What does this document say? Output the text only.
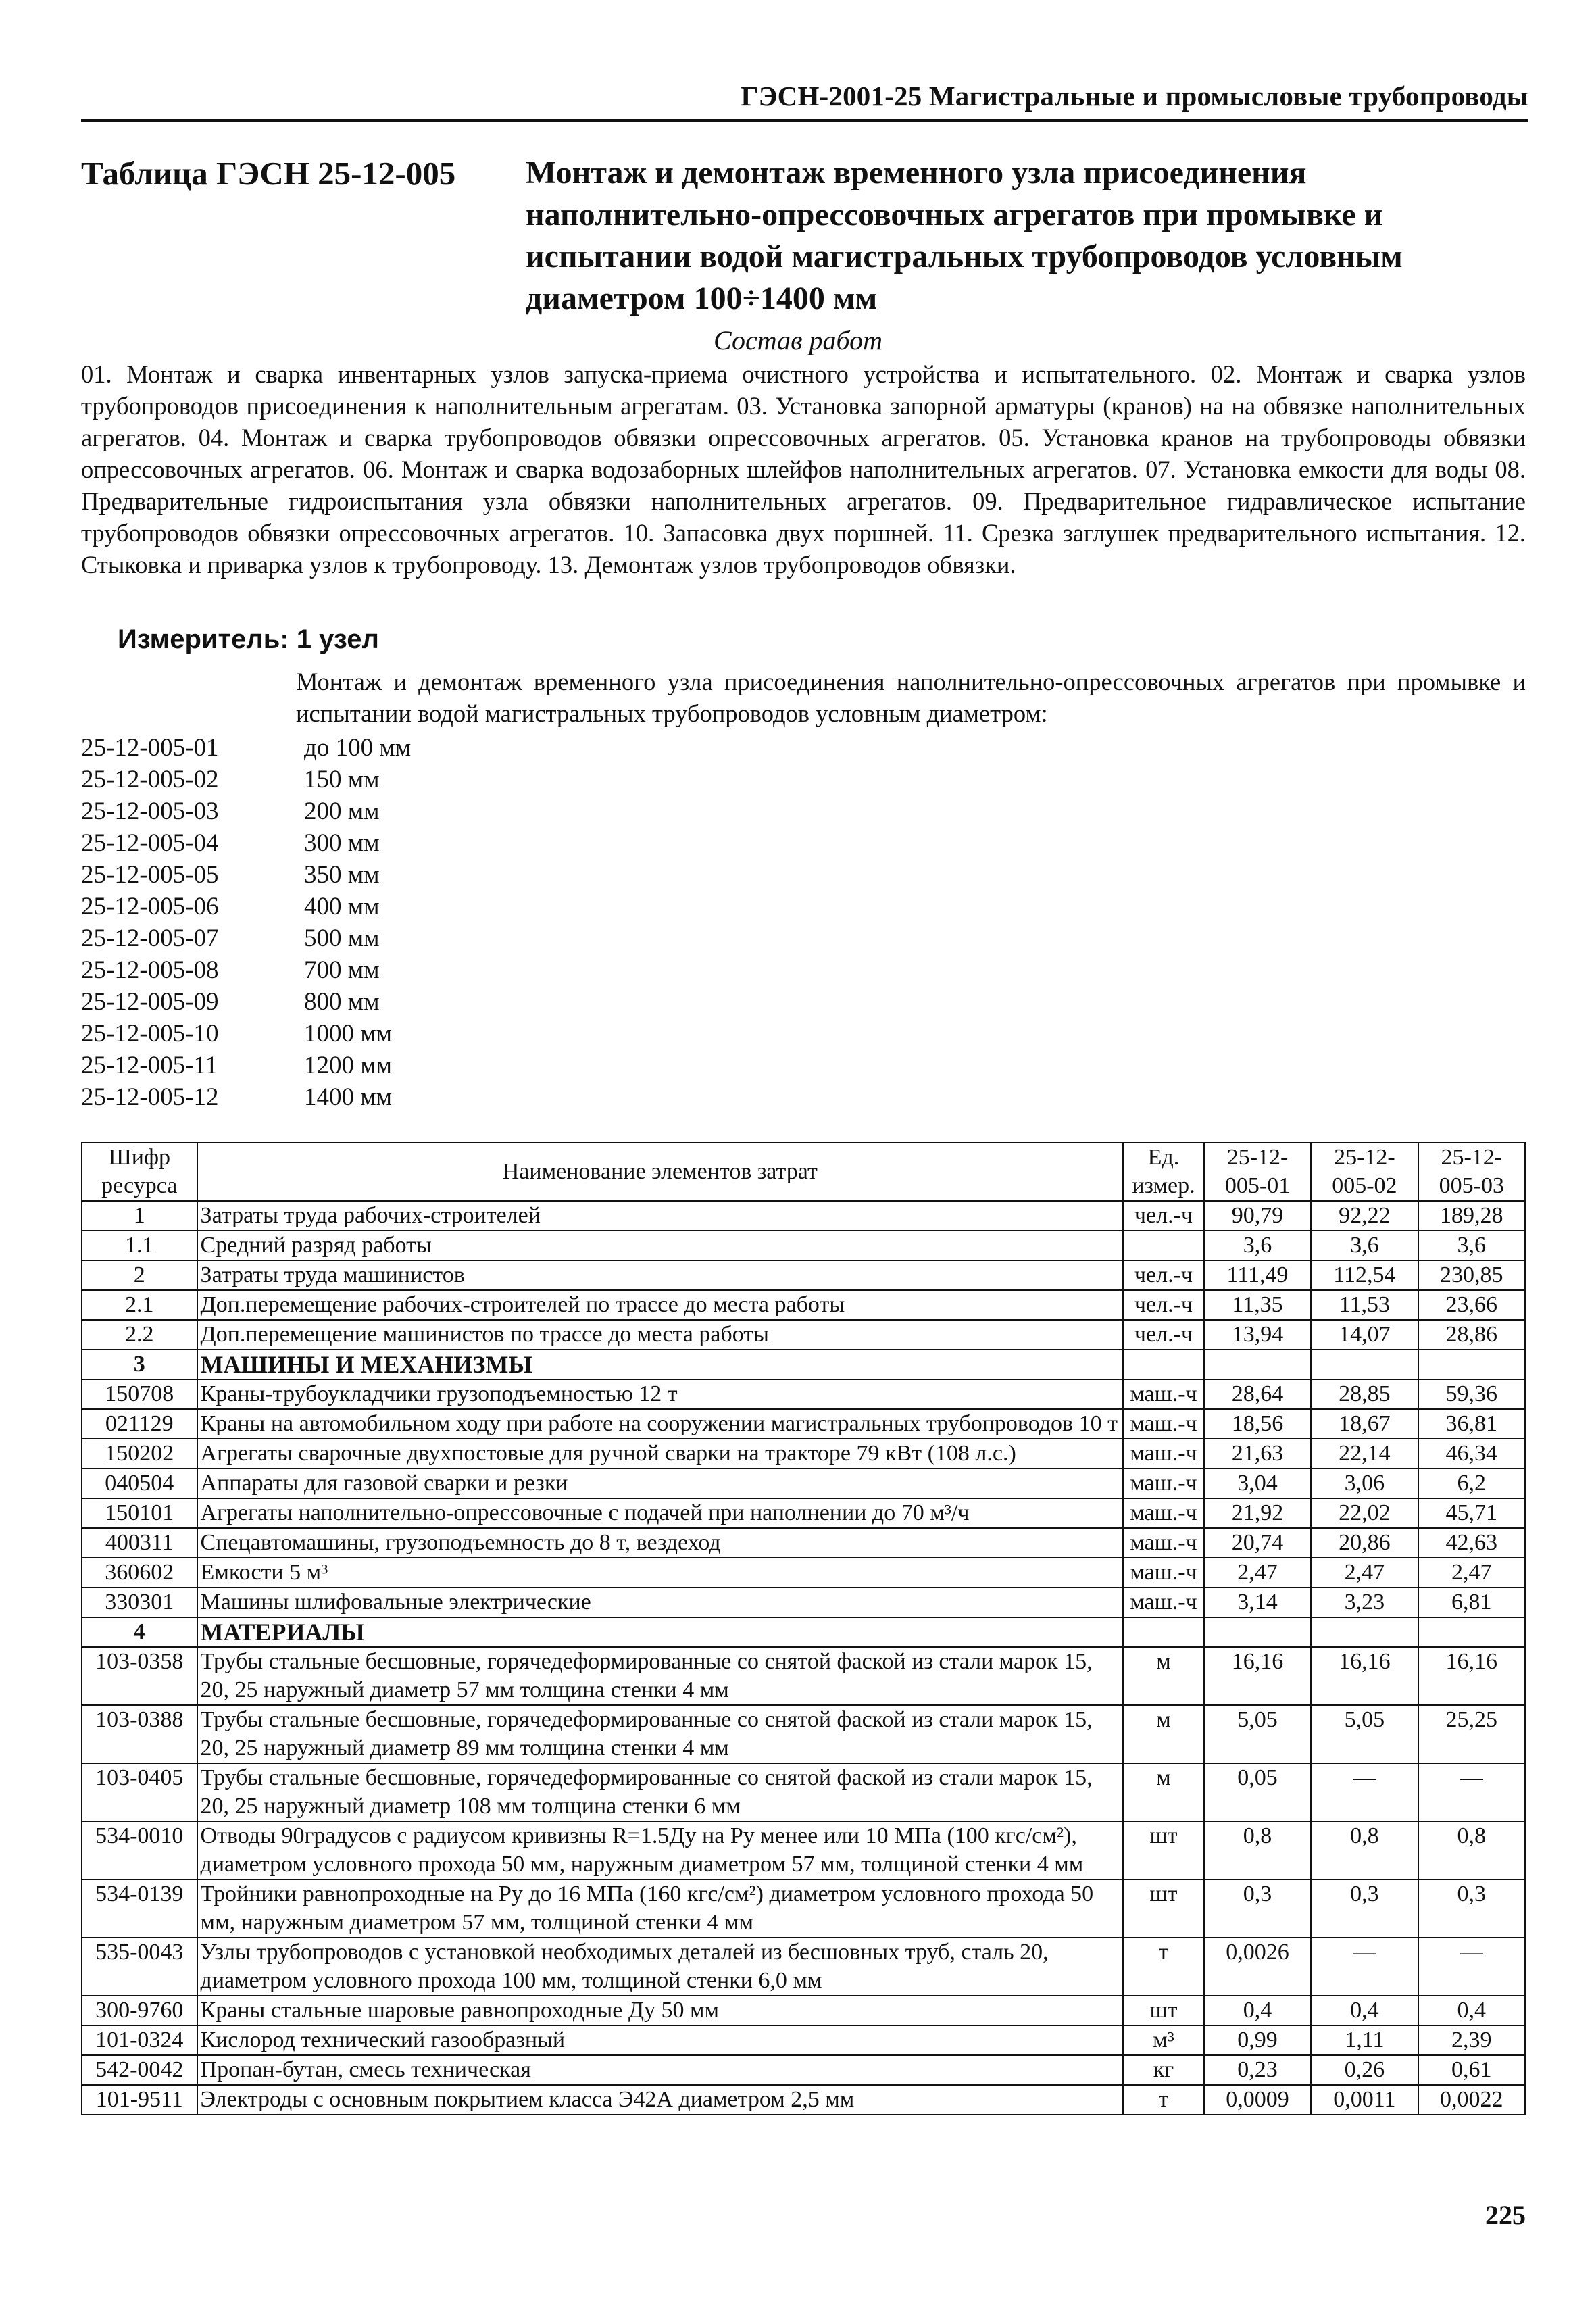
ГЭСН-2001-25 Магистральные и промысловые трубопроводы
Таблица ГЭСН 25-12-005 Монтаж и демонтаж временного узла присоединения наполнительно-опрессовочных агрегатов при промывке и испытании водой магистральных трубопроводов условным диаметром 100÷1400 мм
Состав работ
01. Монтаж и сварка инвентарных узлов запуска-приема очистного устройства и испытательного. 02. Монтаж и сварка узлов трубопроводов присоединения к наполнительным агрегатам. 03. Установка запорной арматуры (кранов) на на обвязке наполнительных агрегатов. 04. Монтаж и сварка трубопроводов обвязки опрессовочных агрегатов. 05. Установка кранов на трубопроводы обвязки опрессовочных агрегатов. 06. Монтаж и сварка водозаборных шлейфов наполнительных агрегатов. 07. Установка емкости для воды 08. Предварительные гидроиспытания узла обвязки наполнительных агрегатов. 09. Предварительное гидравлическое испытание трубопроводов обвязки опрессовочных агрегатов. 10. Запасовка двух поршней. 11. Срезка заглушек предварительного испытания. 12. Стыковка и приварка узлов к трубопроводу. 13. Демонтаж узлов трубопроводов обвязки.
Измеритель: 1 узел
Монтаж и демонтаж временного узла присоединения наполнительно-опрессовочных агрегатов при промывке и испытании водой магистральных трубопроводов условным диаметром:
25-12-005-01	до 100 мм
25-12-005-02	150 мм
25-12-005-03	200 мм
25-12-005-04	300 мм
25-12-005-05	350 мм
25-12-005-06	400 мм
25-12-005-07	500 мм
25-12-005-08	700 мм
25-12-005-09	800 мм
25-12-005-10	1000 мм
25-12-005-11	1200 мм
25-12-005-12	1400 мм
Шифр ресурса	Наименование элементов затрат	Ед. измер.	25-12-005-01	25-12-005-02	25-12-005-03
1	Затраты труда рабочих-строителей	чел.-ч	90,79	92,22	189,28
1.1	Средний разряд работы		3,6	3,6	3,6
2	Затраты труда машинистов	чел.-ч	111,49	112,54	230,85
2.1	Доп.перемещение рабочих-строителей по трассе до места работы	чел.-ч	11,35	11,53	23,66
2.2	Доп.перемещение машинистов по трассе до места работы	чел.-ч	13,94	14,07	28,86
3	МАШИНЫ И МЕХАНИЗМЫ				
150708	Краны-трубоукладчики грузоподъемностью 12 т	маш.-ч	28,64	28,85	59,36
021129	Краны на автомобильном ходу при работе на сооружении магистральных трубопроводов 10 т	маш.-ч	18,56	18,67	36,81
150202	Агрегаты сварочные двухпостовые для ручной сварки на тракторе 79 кВт (108 л.с.)	маш.-ч	21,63	22,14	46,34
040504	Аппараты для газовой сварки и резки	маш.-ч	3,04	3,06	6,2
150101	Агрегаты наполнительно-опрессовочные с подачей при наполнении до 70 м³/ч	маш.-ч	21,92	22,02	45,71
400311	Спецавтомашины, грузоподъемность до 8 т, вездеход	маш.-ч	20,74	20,86	42,63
360602	Емкости 5 м³	маш.-ч	2,47	2,47	2,47
330301	Машины шлифовальные электрические	маш.-ч	3,14	3,23	6,81
4	МАТЕРИАЛЫ				
103-0358	Трубы стальные бесшовные, горячедеформированные со снятой фаской из стали марок 15, 20, 25 наружный диаметр 57 мм толщина стенки 4 мм	м	16,16	16,16	16,16
103-0388	Трубы стальные бесшовные, горячедеформированные со снятой фаской из стали марок 15, 20, 25 наружный диаметр 89 мм толщина стенки 4 мм	м	5,05	5,05	25,25
103-0405	Трубы стальные бесшовные, горячедеформированные со снятой фаской из стали марок 15, 20, 25 наружный диаметр 108 мм толщина стенки 6 мм	м	0,05	—	—
534-0010	Отводы 90градусов с радиусом кривизны R=1.5Ду на Ру менее или 10 МПа (100 кгс/см²), диаметром условного прохода 50 мм, наружным диаметром 57 мм, толщиной стенки 4 мм	шт	0,8	0,8	0,8
534-0139	Тройники равнопроходные на Ру до 16 МПа (160 кгс/см²) диаметром условного прохода 50 мм, наружным диаметром 57 мм, толщиной стенки 4 мм	шт	0,3	0,3	0,3
535-0043	Узлы трубопроводов с установкой необходимых деталей из бесшовных труб, сталь 20, диаметром условного прохода 100 мм, толщиной стенки 6,0 мм	т	0,0026	—	—
300-9760	Краны стальные шаровые равнопроходные Ду 50 мм	шт	0,4	0,4	0,4
101-0324	Кислород технический газообразный	м³	0,99	1,11	2,39
542-0042	Пропан-бутан, смесь техническая	кг	0,23	0,26	0,61
101-9511	Электроды с основным покрытием класса Э42А диаметром 2,5 мм	т	0,0009	0,0011	0,0022
225
